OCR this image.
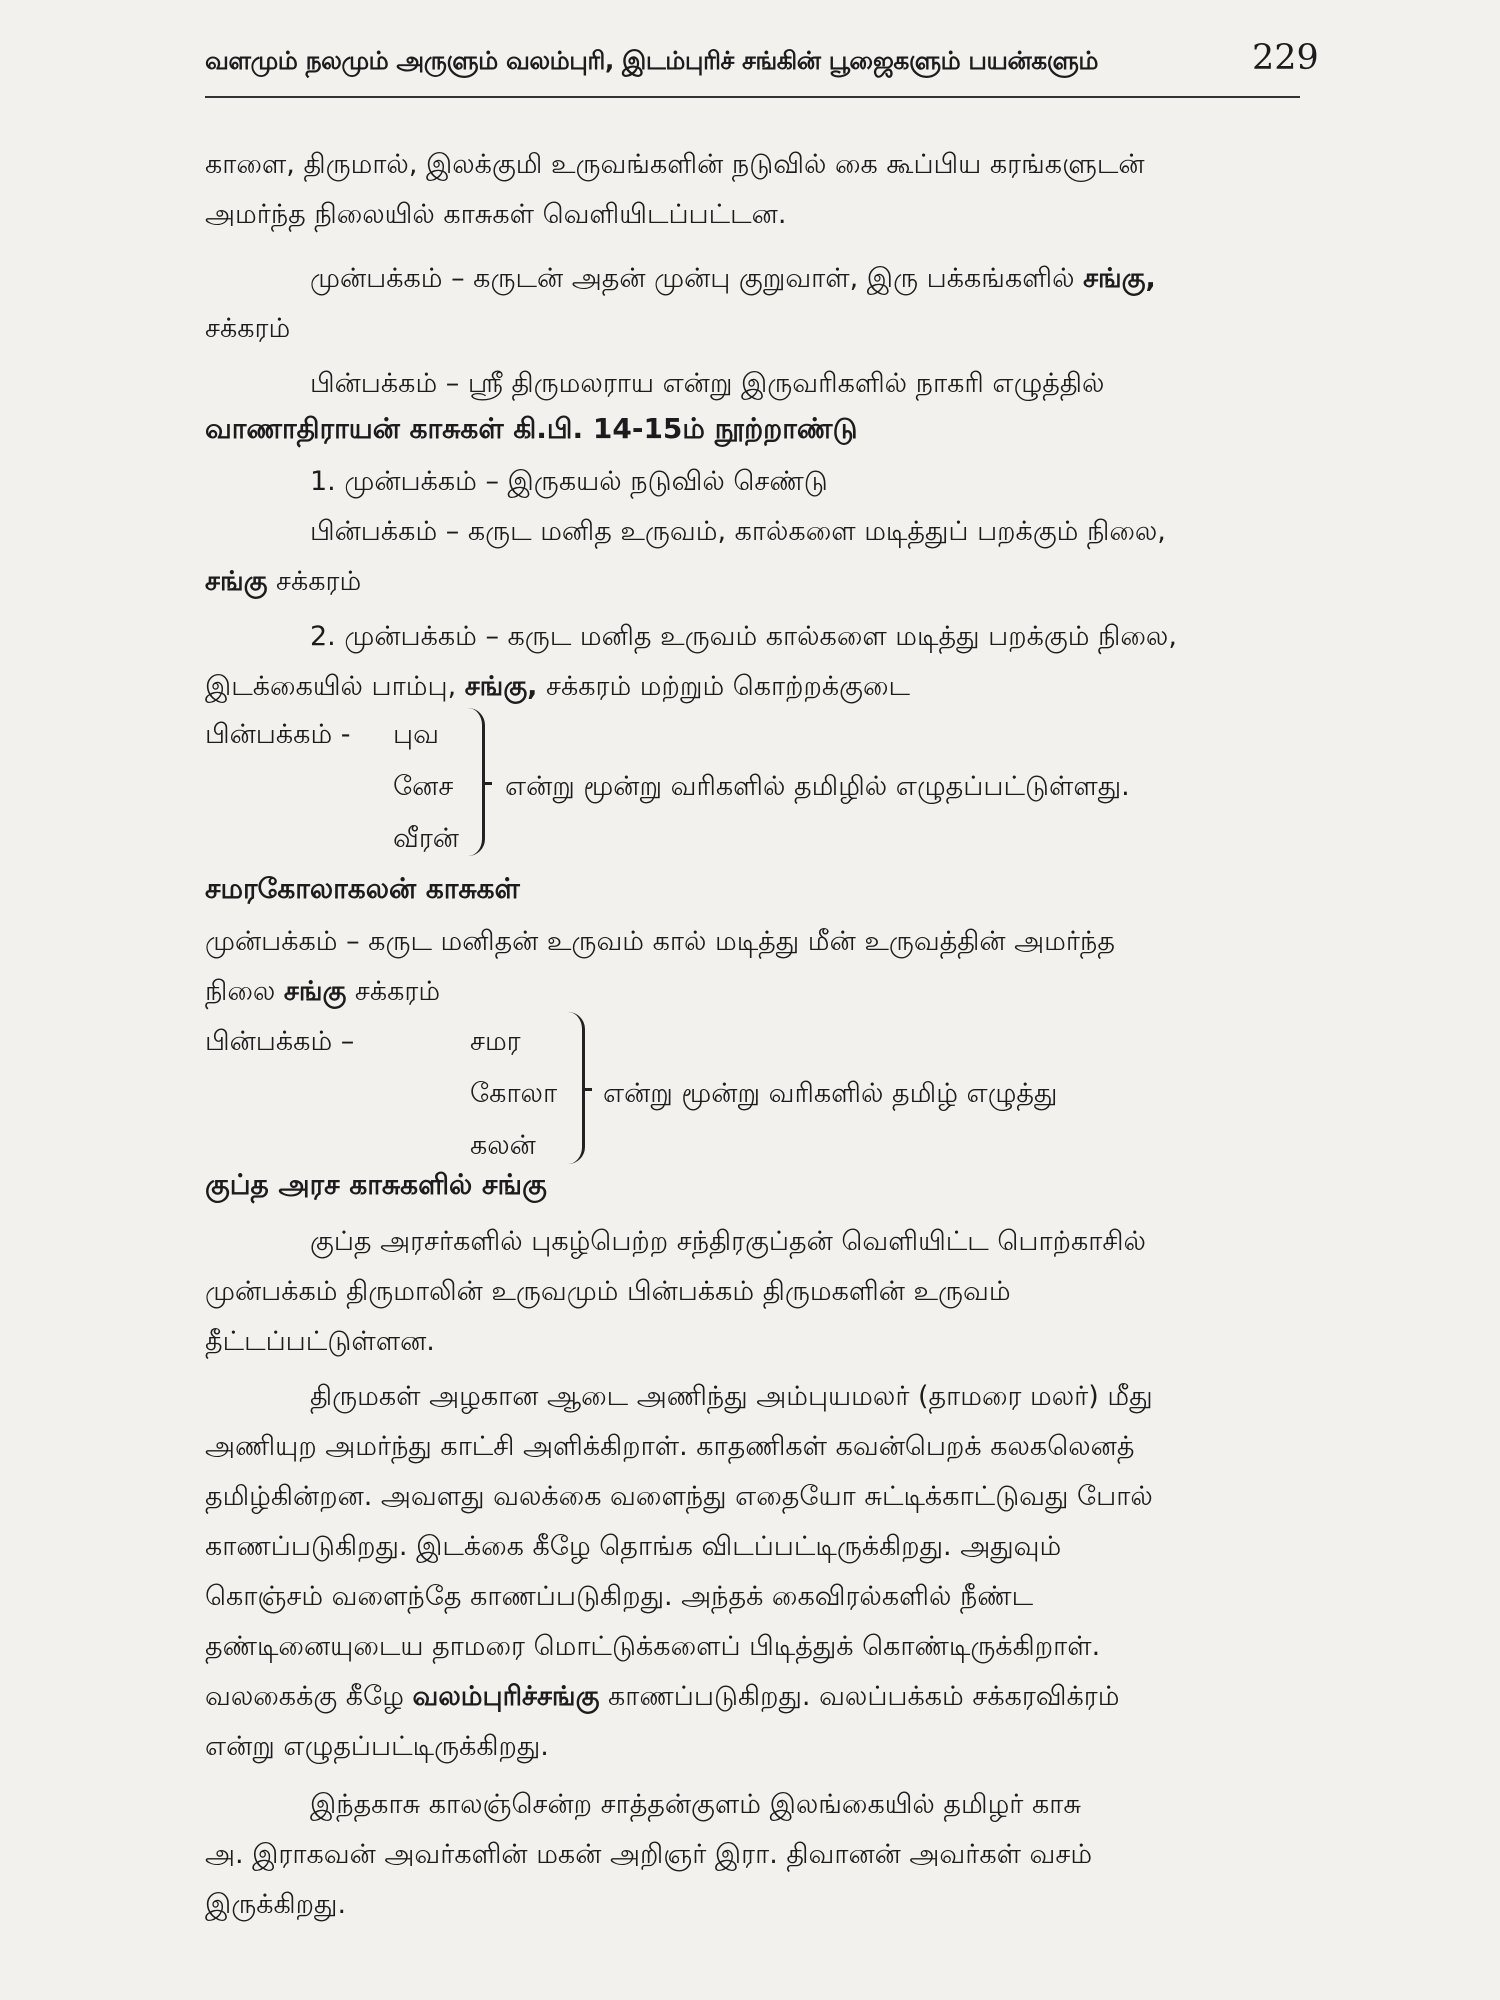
வளமும் நலமும் அருளும் வலம்புரி, இடம்புரிச் சங்கின் பூஜைகளும் பயன்களும்	229
காளை, திருமால், இலக்குமி உருவங்களின் நடுவில் கை கூப்பிய கரங்களுடன்
அமர்ந்த நிலையில் காசுகள் வெளியிடப்பட்டன.
முன்பக்கம் – கருடன் அதன் முன்பு குறுவாள், இரு பக்கங்களில் சங்கு,
சக்கரம்
பின்பக்கம் – ஸ்ரீ திருமலராய என்று இருவரிகளில் நாகரி எழுத்தில்
வாணாதிராயன் காசுகள் கி.பி. 14-15ம் நூற்றாண்டு
1. முன்பக்கம் – இருகயல் நடுவில் செண்டு
பின்பக்கம் – கருட மனித உருவம், கால்களை மடித்துப் பறக்கும் நிலை,
சங்கு சக்கரம்
2. முன்பக்கம் – கருட மனித உருவம் கால்களை மடித்து பறக்கும் நிலை,
இடக்கையில் பாம்பு, சங்கு, சக்கரம் மற்றும் கொற்றக்குடை
பின்பக்கம் - புவ
னேச
வீரன்
என்று மூன்று வரிகளில் தமிழில் எழுதப்பட்டுள்ளது.
சமரகோலாகலன் காசுகள்
முன்பக்கம் – கருட மனிதன் உருவம் கால் மடித்து மீன் உருவத்தின் அமர்ந்த
நிலை சங்கு சக்கரம்
பின்பக்கம் –	சமர
கோலா
கலன்
என்று மூன்று வரிகளில் தமிழ் எழுத்து
குப்த அரச காசுகளில் சங்கு
குப்த அரசர்களில் புகழ்பெற்ற சந்திரகுப்தன் வெளியிட்ட பொற்காசில்
முன்பக்கம் திருமாலின் உருவமும் பின்பக்கம் திருமகளின் உருவம்
தீட்டப்பட்டுள்ளன.
திருமகள் அழகான ஆடை அணிந்து அம்புயமலர் (தாமரை மலர்) மீது
அணியுற அமர்ந்து காட்சி அளிக்கிறாள். காதணிகள் கவன்பெறக் கலகலெனத்
தமிழ்கின்றன. அவளது வலக்கை வளைந்து எதையோ சுட்டிக்காட்டுவது போல்
காணப்படுகிறது. இடக்கை கீழே தொங்க விடப்பட்டிருக்கிறது. அதுவும்
கொஞ்சம் வளைந்தே காணப்படுகிறது. அந்தக் கைவிரல்களில் நீண்ட
தண்டினையுடைய தாமரை மொட்டுக்களைப் பிடித்துக் கொண்டிருக்கிறாள்.
வலகைக்கு கீழே வலம்புரிச்சங்கு காணப்படுகிறது. வலப்பக்கம் சக்கரவிக்ரம்
என்று எழுதப்பட்டிருக்கிறது.
இந்தகாசு காலஞ்சென்ற சாத்தன்குளம் இலங்கையில் தமிழர் காசு
அ. இராகவன் அவர்களின் மகன் அறிஞர் இரா. திவானன் அவர்கள் வசம்
இருக்கிறது.
